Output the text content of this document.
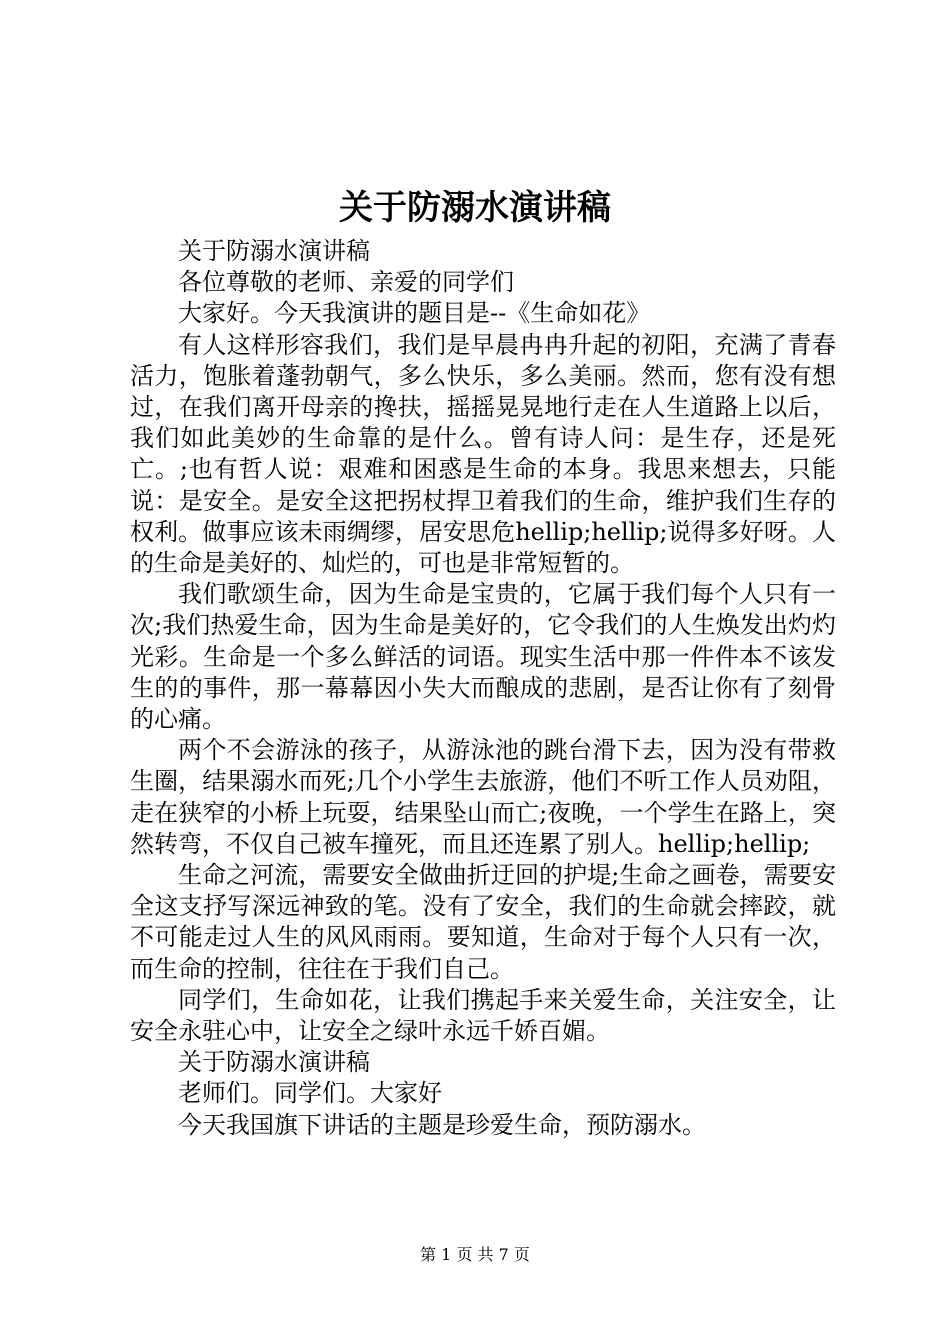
关于防溺水演讲稿

关于防溺水演讲稿

各位尊敬的老师、亲爱的同学们

大家好。今天我演讲的题目是--《生命如花》

有人这样形容我们，我们是早晨冉冉升起的初阳，充满了青春活力，饱胀着蓬勃朝气，多么快乐，多么美丽。然而，您有没有想过，在我们离开母亲的搀扶，摇摇晃晃地行走在人生道路上以后，我们如此美妙的生命靠的是什么。曾有诗人问：是生存，还是死亡。;也有哲人说：艰难和困惑是生命的本身。我思来想去，只能说：是安全。是安全这把拐杖捍卫着我们的生命，维护我们生存的权利。做事应该未雨绸缪，居安思危hellip;hellip;说得多好呀。人的生命是美好的、灿烂的，可也是非常短暂的。

我们歌颂生命，因为生命是宝贵的，它属于我们每个人只有一次;我们热爱生命，因为生命是美好的，它令我们的人生焕发出灼灼光彩。生命是一个多么鲜活的词语。现实生活中那一件件本不该发生的的事件，那一幕幕因小失大而酿成的悲剧，是否让你有了刻骨的心痛。

两个不会游泳的孩子，从游泳池的跳台滑下去，因为没有带救生圈，结果溺水而死;几个小学生去旅游，他们不听工作人员劝阻，走在狭窄的小桥上玩耍，结果坠山而亡;夜晚，一个学生在路上，突然转弯，不仅自己被车撞死，而且还连累了别人。hellip;hellip;

生命之河流，需要安全做曲折迂回的护堤;生命之画卷，需要安全这支抒写深远神致的笔。没有了安全，我们的生命就会摔跤，就不可能走过人生的风风雨雨。要知道，生命对于每个人只有一次，而生命的控制，往往在于我们自己。

同学们，生命如花，让我们携起手来关爱生命，关注安全，让安全永驻心中，让安全之绿叶永远千娇百媚。

关于防溺水演讲稿

老师们。同学们。大家好

今天我国旗下讲话的主题是珍爱生命，预防溺水。

第 1 页 共 7 页
